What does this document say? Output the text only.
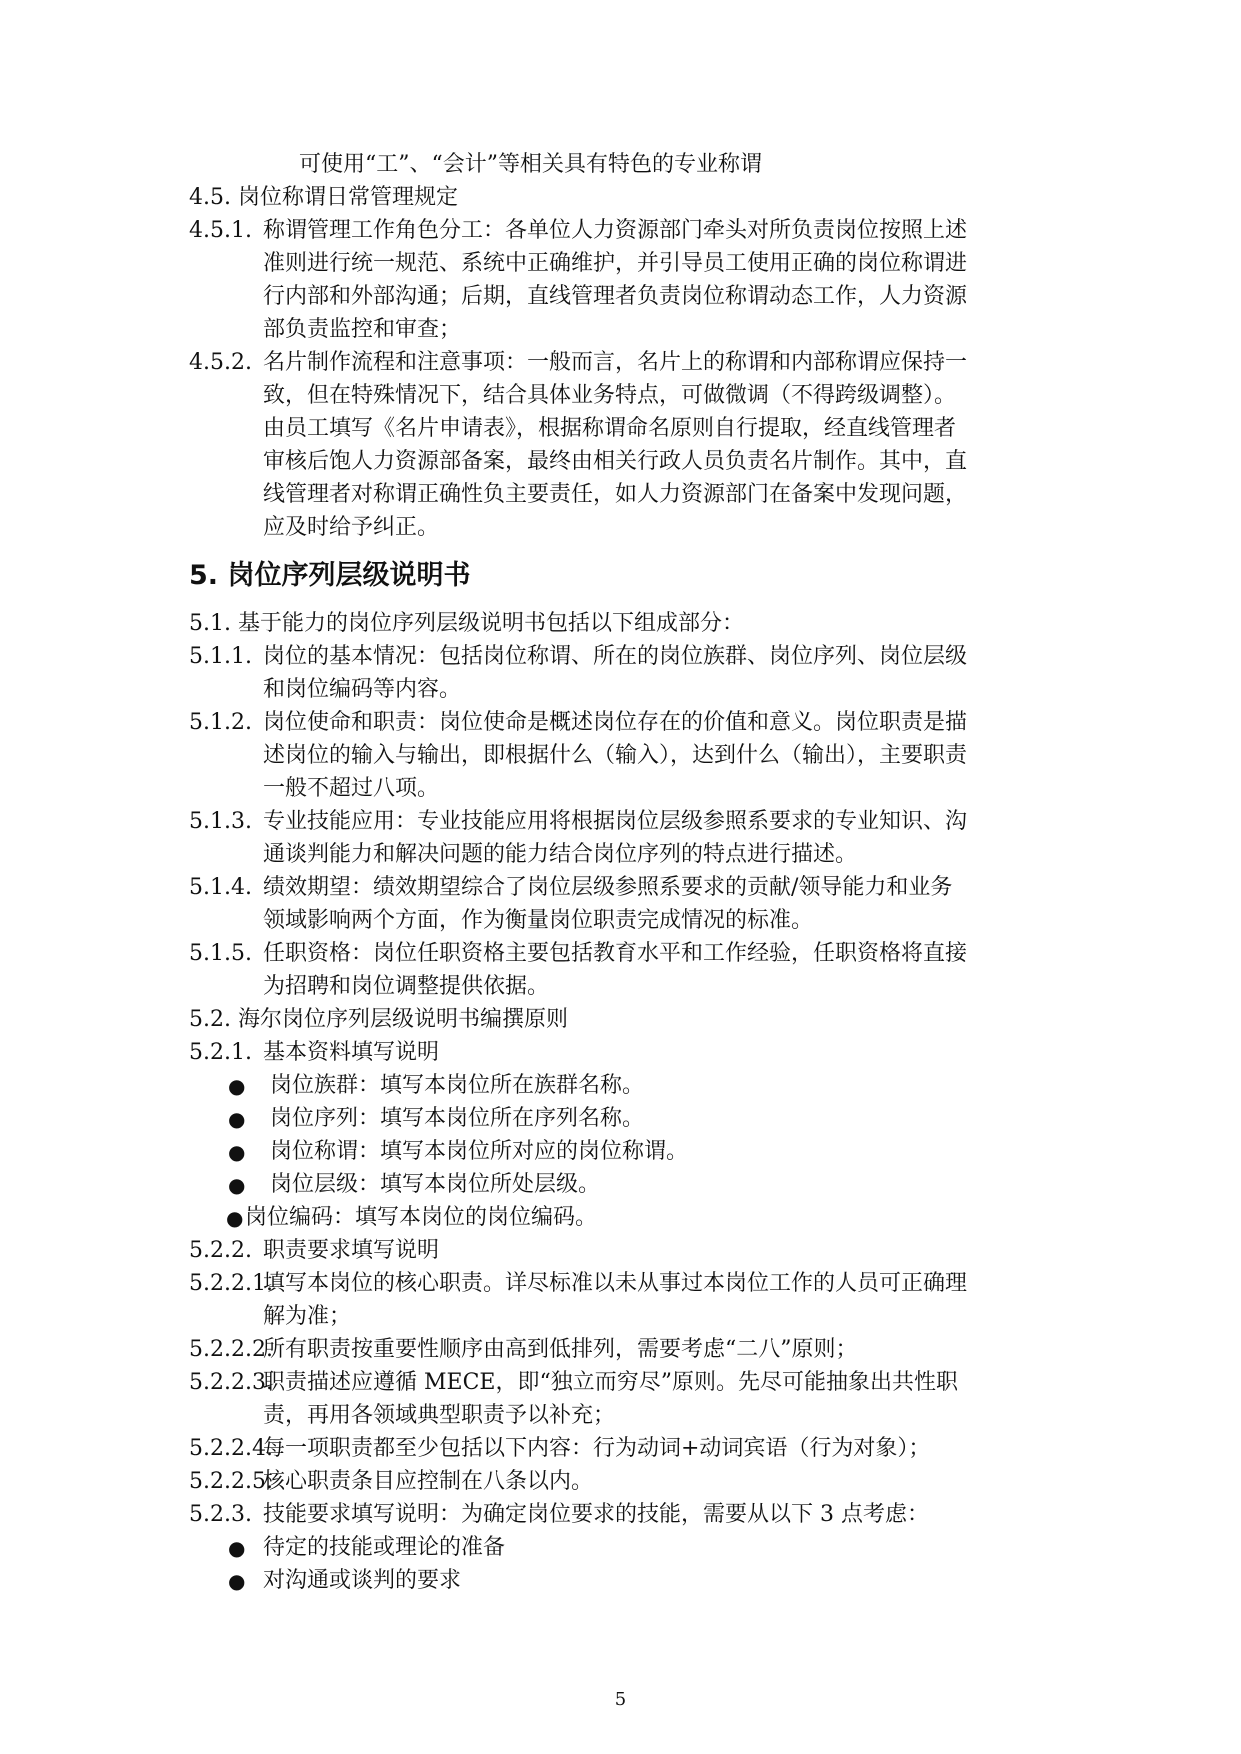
可使用“工”、“会计”等相关具有特色的专业称谓
4.5. 岗位称谓日常管理规定
4.5.1. 称谓管理工作角色分工：各单位人力资源部门牵头对所负责岗位按照上述
准则进行统一规范、系统中正确维护，并引导员工使用正确的岗位称谓进
行内部和外部沟通；后期，直线管理者负责岗位称谓动态工作，人力资源
部负责监控和审查；
4.5.2. 名片制作流程和注意事项：一般而言，名片上的称谓和内部称谓应保持一
致，但在特殊情况下，结合具体业务特点，可做微调（不得跨级调整）。
由员工填写《名片申请表》，根据称谓命名原则自行提取，经直线管理者
审核后饱人力资源部备案，最终由相关行政人员负责名片制作。其中，直
线管理者对称谓正确性负主要责任，如人力资源部门在备案中发现问题，
应及时给予纠正。
5. 岗位序列层级说明书
5.1. 基于能力的岗位序列层级说明书包括以下组成部分：
5.1.1. 岗位的基本情况：包括岗位称谓、所在的岗位族群、岗位序列、岗位层级
和岗位编码等内容。
5.1.2. 岗位使命和职责：岗位使命是概述岗位存在的价值和意义。岗位职责是描
述岗位的输入与输出，即根据什么（输入），达到什么（输出），主要职责
一般不超过八项。
5.1.3. 专业技能应用：专业技能应用将根据岗位层级参照系要求的专业知识、沟
通谈判能力和解决问题的能力结合岗位序列的特点进行描述。
5.1.4. 绩效期望：绩效期望综合了岗位层级参照系要求的贡献/领导能力和业务
领域影响两个方面，作为衡量岗位职责完成情况的标准。
5.1.5. 任职资格：岗位任职资格主要包括教育水平和工作经验，任职资格将直接
为招聘和岗位调整提供依据。
5.2. 海尔岗位序列层级说明书编撰原则
5.2.1. 基本资料填写说明
● 岗位族群：填写本岗位所在族群名称。
● 岗位序列：填写本岗位所在序列名称。
● 岗位称谓：填写本岗位所对应的岗位称谓。
● 岗位层级：填写本岗位所处层级。
● 岗位编码：填写本岗位的岗位编码。
5.2.2. 职责要求填写说明
5.2.2.1.
填写本岗位的核心职责。详尽标准以未从事过本岗位工作的人员可正确理
解为准；
5.2.2.2.
所有职责按重要性顺序由高到低排列，需要考虑“二八”原则；
5.2.2.3.
职责描述应遵循 MECE，即“独立而穷尽”原则。先尽可能抽象出共性职
责，再用各领域典型职责予以补充；
5.2.2.4.
每一项职责都至少包括以下内容：行为动词+动词宾语（行为对象）；
5.2.2.5.
核心职责条目应控制在八条以内。
5.2.3. 技能要求填写说明：为确定岗位要求的技能，需要从以下 3 点考虑：
● 待定的技能或理论的准备
● 对沟通或谈判的要求
5
